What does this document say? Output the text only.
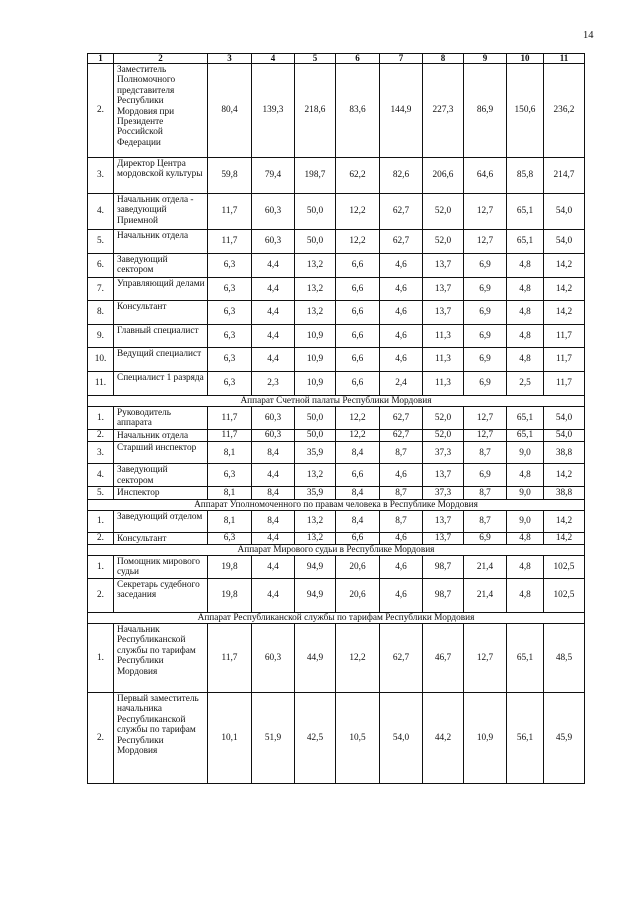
14
1	2	3	4	5	6	7	8	9	10	11
2.	Заместитель Полномочного представителя Республики Мордовия при Президенте Российской Федерации	80,4	139,3	218,6	83,6	144,9	227,3	86,9	150,6	236,2
3.	Директор Центра мордовской культуры	59,8	79,4	198,7	62,2	82,6	206,6	64,6	85,8	214,7
4.	Начальник отдела - заведующий Приемной	11,7	60,3	50,0	12,2	62,7	52,0	12,7	65,1	54,0
5.	Начальник отдела	11,7	60,3	50,0	12,2	62,7	52,0	12,7	65,1	54,0
6.	Заведующий сектором	6,3	4,4	13,2	6,6	4,6	13,7	6,9	4,8	14,2
7.	Управляющий делами	6,3	4,4	13,2	6,6	4,6	13,7	6,9	4,8	14,2
8.	Консультант	6,3	4,4	13,2	6,6	4,6	13,7	6,9	4,8	14,2
9.	Главный специалист	6,3	4,4	10,9	6,6	4,6	11,3	6,9	4,8	11,7
10.	Ведущий специалист	6,3	4,4	10,9	6,6	4,6	11,3	6,9	4,8	11,7
11.	Специалист 1 разряда	6,3	2,3	10,9	6,6	2,4	11,3	6,9	2,5	11,7
Аппарат Счетной палаты Республики Мордовия										
1.	Руководитель аппарата	11,7	60,3	50,0	12,2	62,7	52,0	12,7	65,1	54,0
2.	Начальник отдела	11,7	60,3	50,0	12,2	62,7	52,0	12,7	65,1	54,0
3.	Старший инспектор	8,1	8,4	35,9	8,4	8,7	37,3	8,7	9,0	38,8
4.	Заведующий сектором	6,3	4,4	13,2	6,6	4,6	13,7	6,9	4,8	14,2
5.	Инспектор	8,1	8,4	35,9	8,4	8,7	37,3	8,7	9,0	38,8
Аппарат Уполномоченного по правам человека в Республике Мордовия										
1.	Заведующий отделом	8,1	8,4	13,2	8,4	8,7	13,7	8,7	9,0	14,2
2.	Консультант	6,3	4,4	13,2	6,6	4,6	13,7	6,9	4,8	14,2
Аппарат Мирового судьи в Республике Мордовия										
1.	Помощник мирового судьи	19,8	4,4	94,9	20,6	4,6	98,7	21,4	4,8	102,5
2.	Секретарь судебного заседания	19,8	4,4	94,9	20,6	4,6	98,7	21,4	4,8	102,5
Аппарат Республиканской службы по тарифам Республики Мордовия										
1.	Начальник Республиканской службы по тарифам Республики Мордовия	11,7	60,3	44,9	12,2	62,7	46,7	12,7	65,1	48,5
2.	Первый заместитель начальника Республиканской службы по тарифам Республики Мордовия	10,1	51,9	42,5	10,5	54,0	44,2	10,9	56,1	45,9
